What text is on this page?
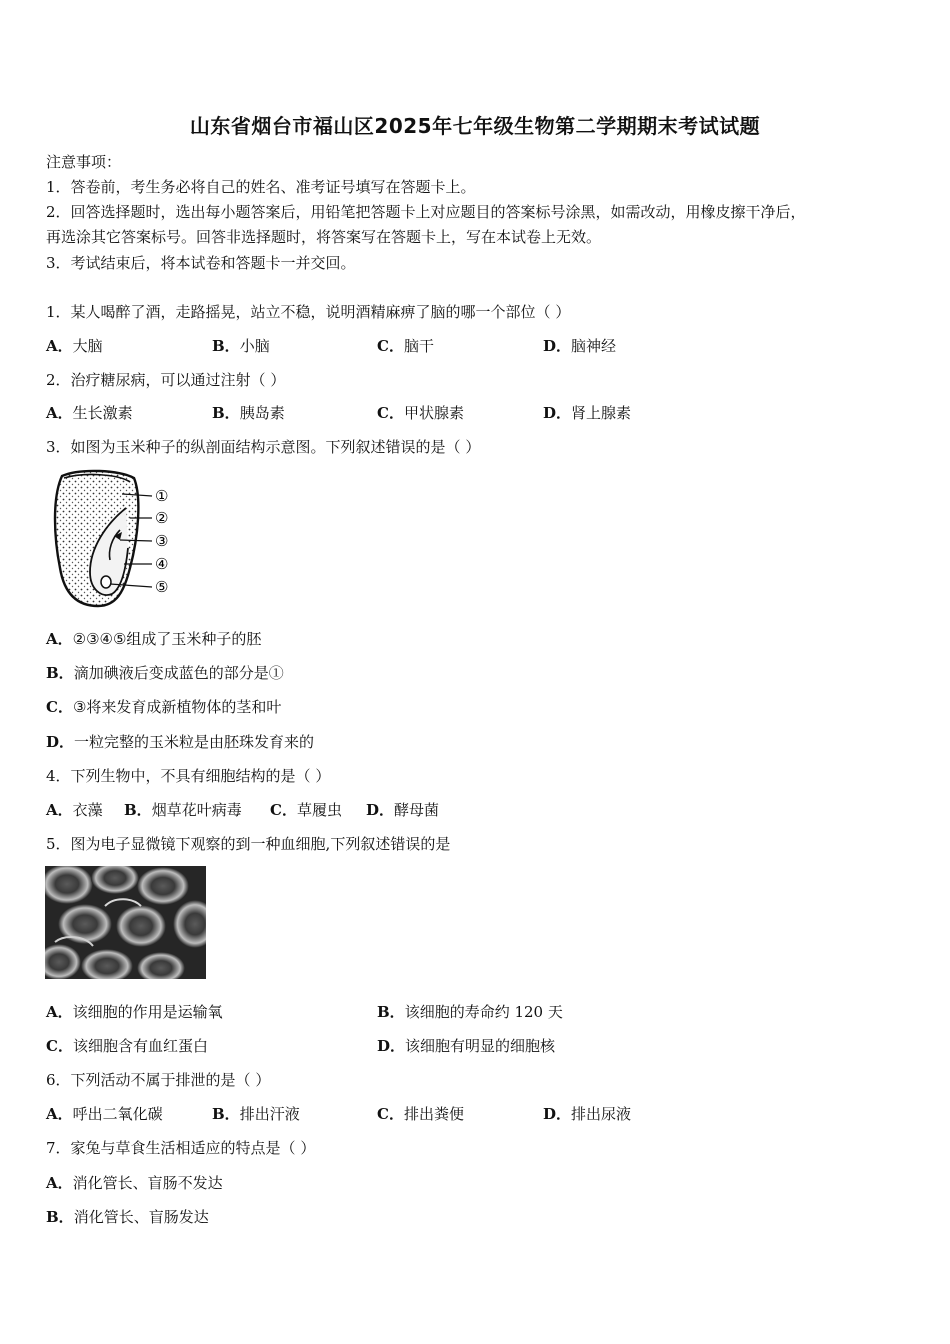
山东省烟台市福山区2025年七年级生物第二学期期末考试试题
注意事项：
1．答卷前，考生务必将自己的姓名、准考证号填写在答题卡上。
2．回答选择题时，选出每小题答案后，用铅笔把答题卡上对应题目的答案标号涂黑，如需改动，用橡皮擦干净后，
再选涂其它答案标号。回答非选择题时，将答案写在答题卡上，写在本试卷上无效。
3．考试结束后，将本试卷和答题卡一并交回。
1．某人喝醉了酒，走路摇晃，站立不稳，说明酒精麻痹了脑的哪一个部位（ ）
A．大脑	B．小脑	C．脑干	D．脑神经
2．治疗糖尿病，可以通过注射（ ）
A．生长激素	B．胰岛素	C．甲状腺素	D．肾上腺素
3．如图为玉米种子的纵剖面结构示意图。下列叙述错误的是（ ）
①
②
③
④
⑤
A．②③④⑤组成了玉米种子的胚
B．滴加碘液后变成蓝色的部分是①
C．③将来发育成新植物体的茎和叶
D．一粒完整的玉米粒是由胚珠发育来的
4．下列生物中，不具有细胞结构的是（ ）
A．衣藻 B．烟草花叶病毒 C．草履虫 D．酵母菌
5．图为电子显微镜下观察的到一种血细胞,下列叙述错误的是
A．该细胞的作用是运输氧	B．该细胞的寿命约 120 天
C．该细胞含有血红蛋白	D．该细胞有明显的细胞核
6．下列活动不属于排泄的是（ ）
A．呼出二氧化碳	B．排出汗液	C．排出粪便	D．排出尿液
7．家兔与草食生活相适应的特点是（ ）
A．消化管长、盲肠不发达
B．消化管长、盲肠发达
